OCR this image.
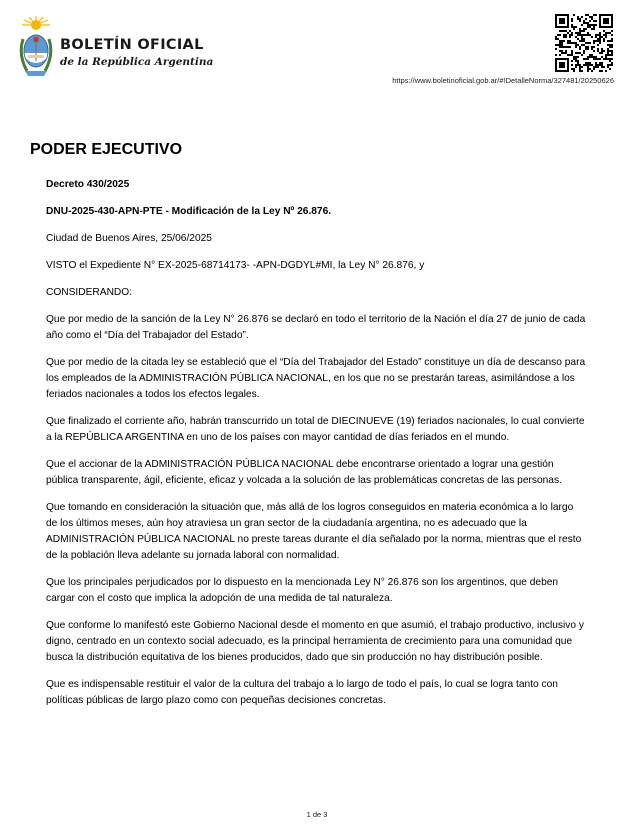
BOLETÍN OFICIAL
de la República Argentina
https://www.boletinoficial.gob.ar/#!DetalleNorma/327481/20250626
PODER EJECUTIVO

Decreto 430/2025

DNU-2025-430-APN-PTE - Modificación de la Ley Nº 26.876.

Ciudad de Buenos Aires, 25/06/2025

VISTO el Expediente N° EX-2025-68714173- -APN-DGDYL#MI, la Ley N° 26.876, y

CONSIDERANDO:

Que por medio de la sanción de la Ley N° 26.876 se declaró en todo el territorio de la Nación el día 27 de junio de cada año como el “Día del Trabajador del Estado”.

Que por medio de la citada ley se estableció que el “Día del Trabajador del Estado” constituye un día de descanso para los empleados de la ADMINISTRACIÓN PÚBLICA NACIONAL, en los que no se prestarán tareas, asimilándose a los feriados nacionales a todos los efectos legales.

Que finalizado el corriente año, habrán transcurrido un total de DIECINUEVE (19) feriados nacionales, lo cual convierte a la REPÚBLICA ARGENTINA en uno de los países con mayor cantidad de días feriados en el mundo.

Que el accionar de la ADMINISTRACIÓN PÚBLICA NACIONAL debe encontrarse orientado a lograr una gestión pública transparente, ágil, eficiente, eficaz y volcada a la solución de las problemáticas concretas de las personas.

Que tomando en consideración la situación que, más allá de los logros conseguidos en materia económica a lo largo de los últimos meses, aún hoy atraviesa un gran sector de la ciudadanía argentina, no es adecuado que la ADMINISTRACIÓN PÚBLICA NACIONAL no preste tareas durante el día señalado por la norma, mientras que el resto de la población lleva adelante su jornada laboral con normalidad.

Que los principales perjudicados por lo dispuesto en la mencionada Ley N° 26.876 son los argentinos, que deben cargar con el costo que implica la adopción de una medida de tal naturaleza.

Que conforme lo manifestó este Gobierno Nacional desde el momento en que asumió, el trabajo productivo, inclusivo y digno, centrado en un contexto social adecuado, es la principal herramienta de crecimiento para una comunidad que busca la distribución equitativa de los bienes producidos, dado que sin producción no hay distribución posible.

Que es indispensable restituir el valor de la cultura del trabajo a lo largo de todo el país, lo cual se logra tanto con políticas públicas de largo plazo como con pequeñas decisiones concretas.

1 de 3
